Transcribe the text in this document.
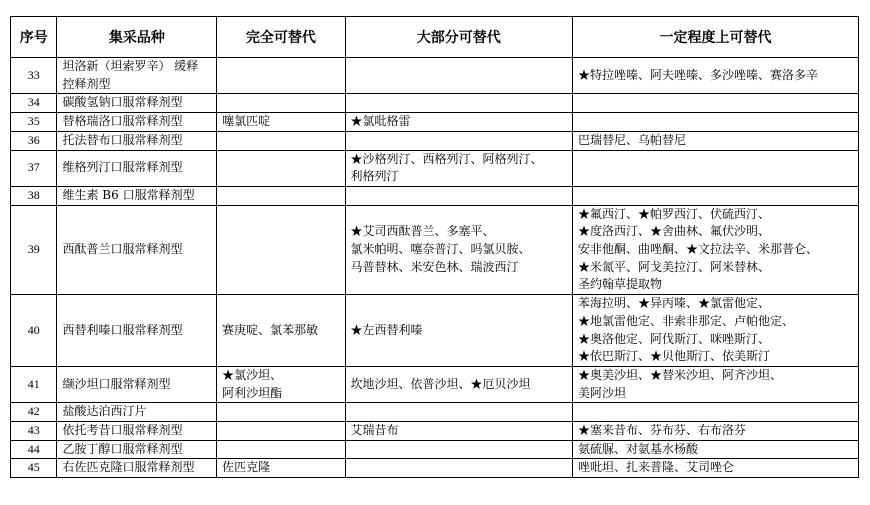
序号	集采品种	完全可替代	大部分可替代	一定程度上可替代
33	坦洛新（坦索罗辛） 缓释
控释剂型			★特拉唑嗪、阿夫唑嗪、多沙唑嗪、赛洛多辛

34	碳酸氢钠口服常释剂型			

35	替格瑞洛口服常释剂型	噻氯匹啶	★氯吡格雷	

36	托法替布口服常释剂型			巴瑞替尼、乌帕替尼

37	维格列汀口服常释剂型		★沙格列汀、西格列汀、阿格列汀、
利格列汀	

38	维生素 B6 口服常释剂型			

39	西酞普兰口服常释剂型		★艾司西酞普兰、多塞平、
氯米帕明、噻奈普汀、吗氯贝胺、
马普替林、米安色林、瑞波西汀	★氟西汀、★帕罗西汀、伏硫西汀、
★度洛西汀、★舍曲林、氟伏沙明、
安非他酮、曲唑酮、★文拉法辛、米那普仑、
★米氮平、阿戈美拉汀、阿米替林、
圣约翰草提取物

40	西替利嗪口服常释剂型	赛庚啶、氯苯那敏	★左西替利嗪	苯海拉明、★异丙嗪、★氯雷他定、
★地氯雷他定、非索非那定、卢帕他定、
★奥洛他定、阿伐斯汀、咪唑斯汀、
★依巴斯汀、★贝他斯汀、依美斯汀

41	缬沙坦口服常释剂型	★氯沙坦、
阿利沙坦酯	坎地沙坦、依普沙坦、★厄贝沙坦	★奥美沙坦、★替米沙坦、阿齐沙坦、
美阿沙坦

42	盐酸达泊西汀片			

43	依托考昔口服常释剂型		艾瑞昔布	★塞来昔布、芬布芬、右布洛芬

44	乙胺丁醇口服常释剂型			氨硫脲、对氨基水杨酸

45	右佐匹克隆口服常释剂型	佐匹克隆		唑吡坦、扎来普隆、艾司唑仑
